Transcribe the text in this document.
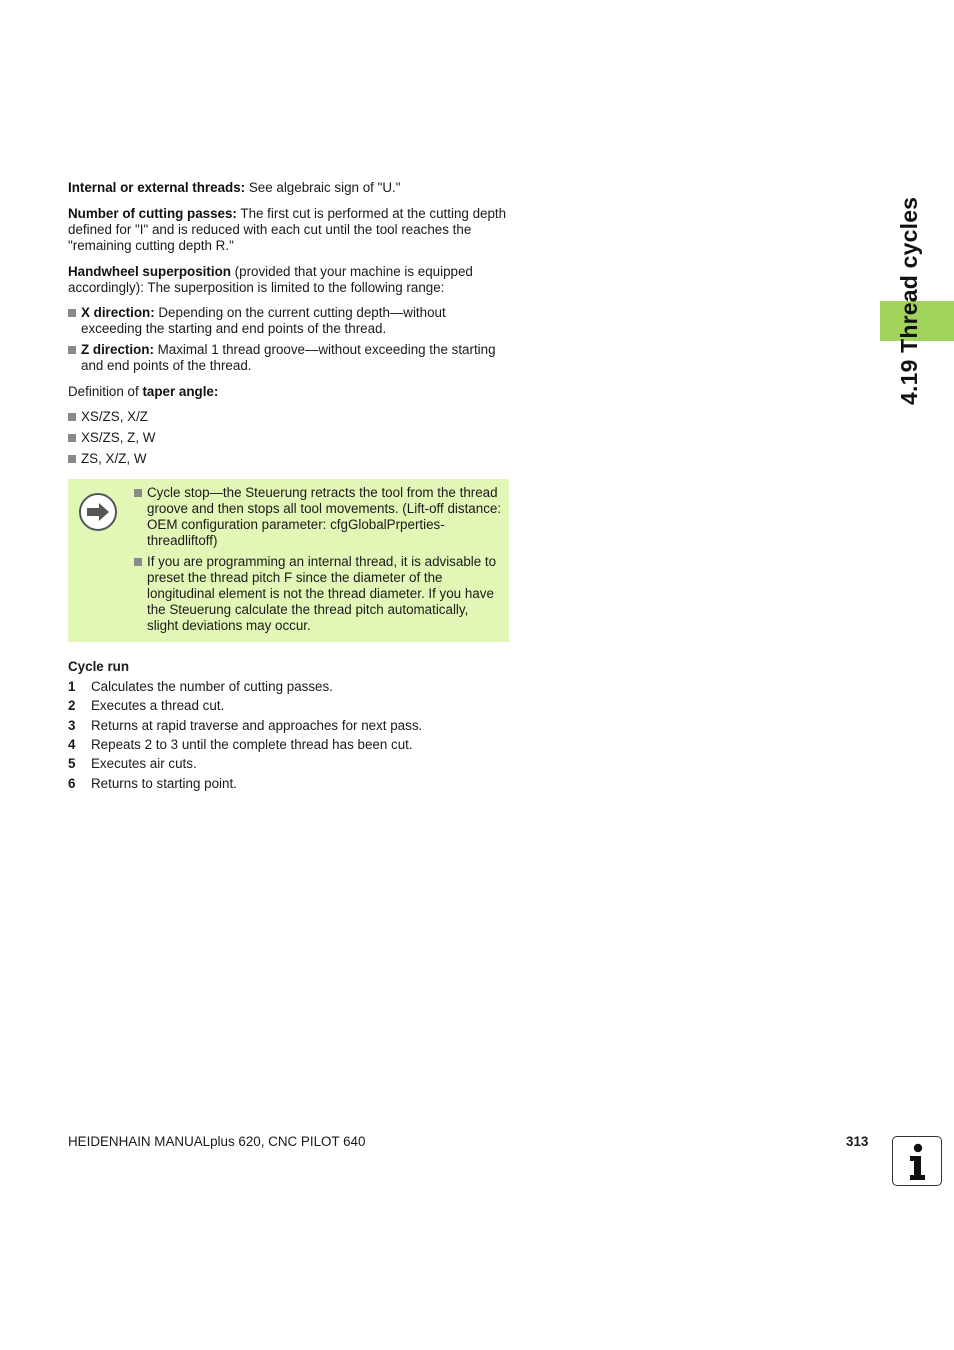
4.19 Thread cycles

Internal or external threads: See algebraic sign of "U."

Number of cutting passes: The first cut is performed at the cutting depth defined for "I" and is reduced with each cut until the tool reaches the "remaining cutting depth R."

Handwheel superposition (provided that your machine is equipped accordingly): The superposition is limited to the following range:

X direction: Depending on the current cutting depth—without exceeding the starting and end points of the thread.
Z direction: Maximal 1 thread groove—without exceeding the starting and end points of the thread.

Definition of taper angle:

XS/ZS, X/Z
XS/ZS, Z, W
ZS, X/Z, W
Cycle stop—the Steuerung retracts the tool from the thread groove and then stops all tool movements. (Lift-off distance: OEM configuration parameter: cfgGlobalPrperties-threadliftoff)
If you are programming an internal thread, it is advisable to preset the thread pitch F since the diameter of the longitudinal element is not the thread diameter. If you have the Steuerung calculate the thread pitch automatically, slight deviations may occur.
Cycle run
1	Calculates the number of cutting passes.
2	Executes a thread cut.
3	Returns at rapid traverse and approaches for next pass.
4	Repeats 2 to 3 until the complete thread has been cut.
5	Executes air cuts.
6	Returns to starting point.
HEIDENHAIN MANUALplus 620, CNC PILOT 640	313
